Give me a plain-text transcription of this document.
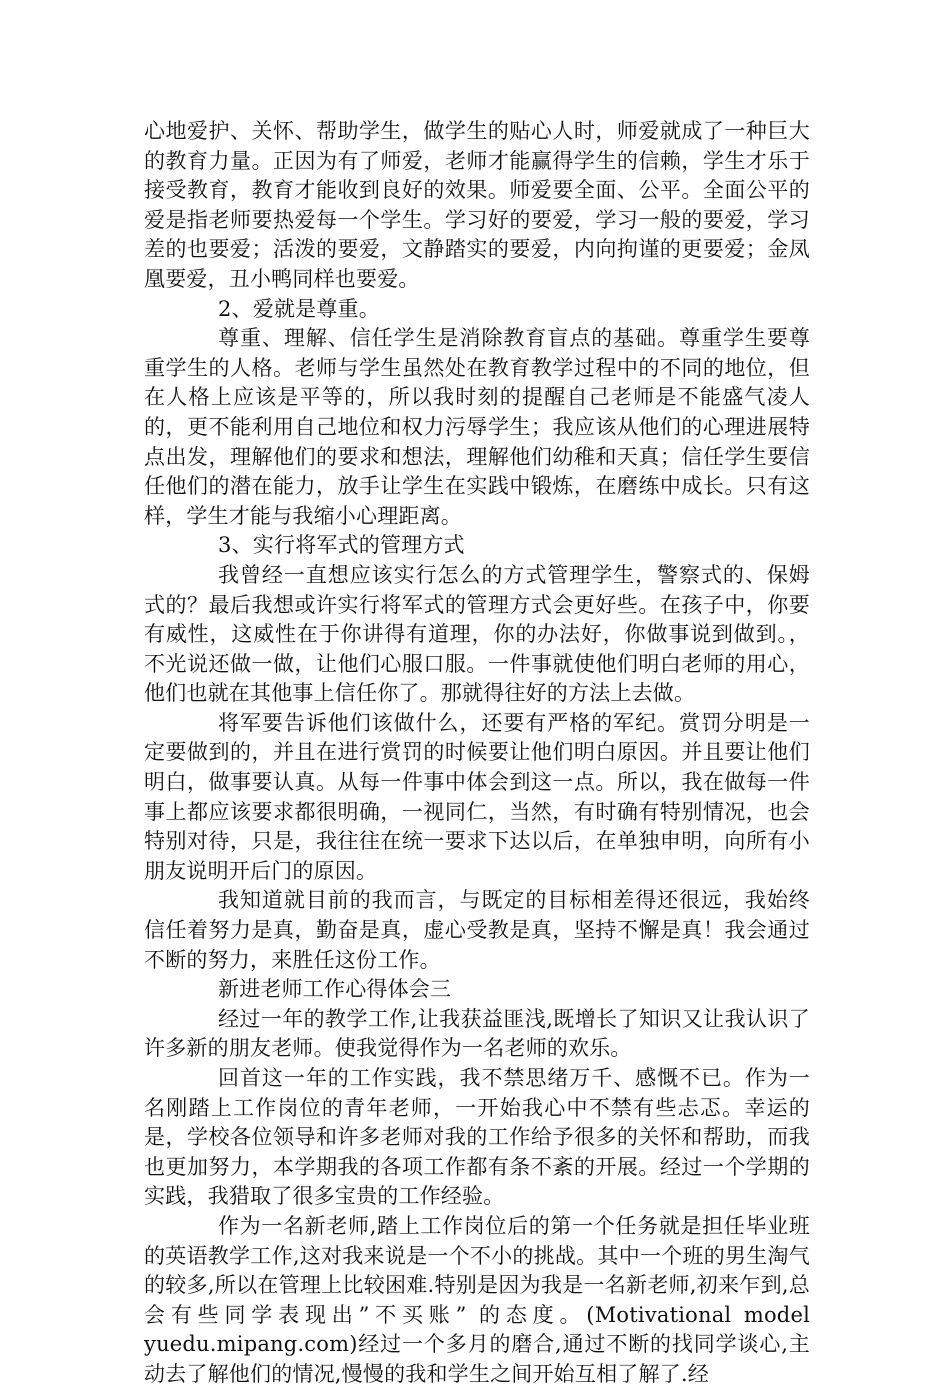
心地爱护、关怀、帮助学生，做学生的贴心人时，师爱就成了一种巨大的教育力量。正因为有了师爱，老师才能赢得学生的信赖，学生才乐于接受教育，教育才能收到良好的效果。师爱要全面、公平。全面公平的爱是指老师要热爱每一个学生。学习好的要爱，学习一般的要爱，学习差的也要爱；活泼的要爱，文静踏实的要爱，内向拘谨的更要爱；金凤凰要爱，丑小鸭同样也要爱。

2、爱就是尊重。

尊重、理解、信任学生是消除教育盲点的基础。尊重学生要尊重学生的人格。老师与学生虽然处在教育教学过程中的不同的地位，但在人格上应该是平等的，所以我时刻的提醒自己老师是不能盛气凌人的，更不能利用自己地位和权力污辱学生；我应该从他们的心理进展特点出发，理解他们的要求和想法，理解他们幼稚和天真；信任学生要信任他们的潜在能力，放手让学生在实践中锻炼，在磨练中成长。只有这样，学生才能与我缩小心理距离。

3、实行将军式的管理方式

我曾经一直想应该实行怎么的方式管理学生，警察式的、保姆式的？最后我想或许实行将军式的管理方式会更好些。在孩子中，你要有威性，这威性在于你讲得有道理，你的办法好，你做事说到做到。，不光说还做一做，让他们心服口服。一件事就使他们明白老师的用心，他们也就在其他事上信任你了。那就得往好的方法上去做。

将军要告诉他们该做什么，还要有严格的军纪。赏罚分明是一定要做到的，并且在进行赏罚的时候要让他们明白原因。并且要让他们明白，做事要认真。从每一件事中体会到这一点。所以，我在做每一件事上都应该要求都很明确，一视同仁，当然，有时确有特别情况，也会特别对待，只是，我往往在统一要求下达以后，在单独申明，向所有小朋友说明开后门的原因。

我知道就目前的我而言，与既定的目标相差得还很远，我始终信任着努力是真，勤奋是真，虚心受教是真，坚持不懈是真！我会通过不断的努力，来胜任这份工作。

新进老师工作心得体会三

经过一年的教学工作,让我获益匪浅,既增长了知识又让我认识了许多新的朋友老师。使我觉得作为一名老师的欢乐。

回首这一年的工作实践，我不禁思绪万千、感慨不已。作为一名刚踏上工作岗位的青年老师，一开始我心中不禁有些忐忑。幸运的是，学校各位领导和许多老师对我的工作给予很多的关怀和帮助，而我也更加努力，本学期我的各项工作都有条不紊的开展。经过一个学期的实践，我猎取了很多宝贵的工作经验。

作为一名新老师,踏上工作岗位后的第一个任务就是担任毕业班的英语教学工作,这对我来说是一个不小的挑战。其中一个班的男生淘气的较多,所以在管理上比较困难.特别是因为我是一名新老师,初来乍到,总会有些同学表现出”不买账” 的态度。(Motivational model yuedu.mipang.com)经过一个多月的磨合,通过不断的找同学谈心,主动去了解他们的情况,慢慢的我和学生之间开始互相了解了.经
